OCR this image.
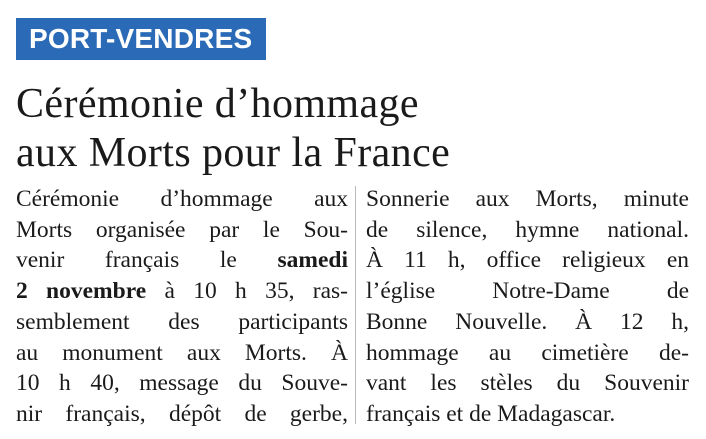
PORT-VENDRES
Cérémonie d’hommage
aux Morts pour la France
Cérémonie d’hommage aux
Morts organisée par le Sou-
venir français le samedi
2 novembre à 10 h 35, ras-
semblement des participants
au monument aux Morts. À
10 h 40, message du Souve-
nir français, dépôt de gerbe,
Sonnerie aux Morts, minute
de silence, hymne national.
À 11 h, office religieux en
l’église Notre-Dame de
Bonne Nouvelle. À 12 h,
hommage au cimetière de-
vant les stèles du Souvenir
français et de Madagascar.
